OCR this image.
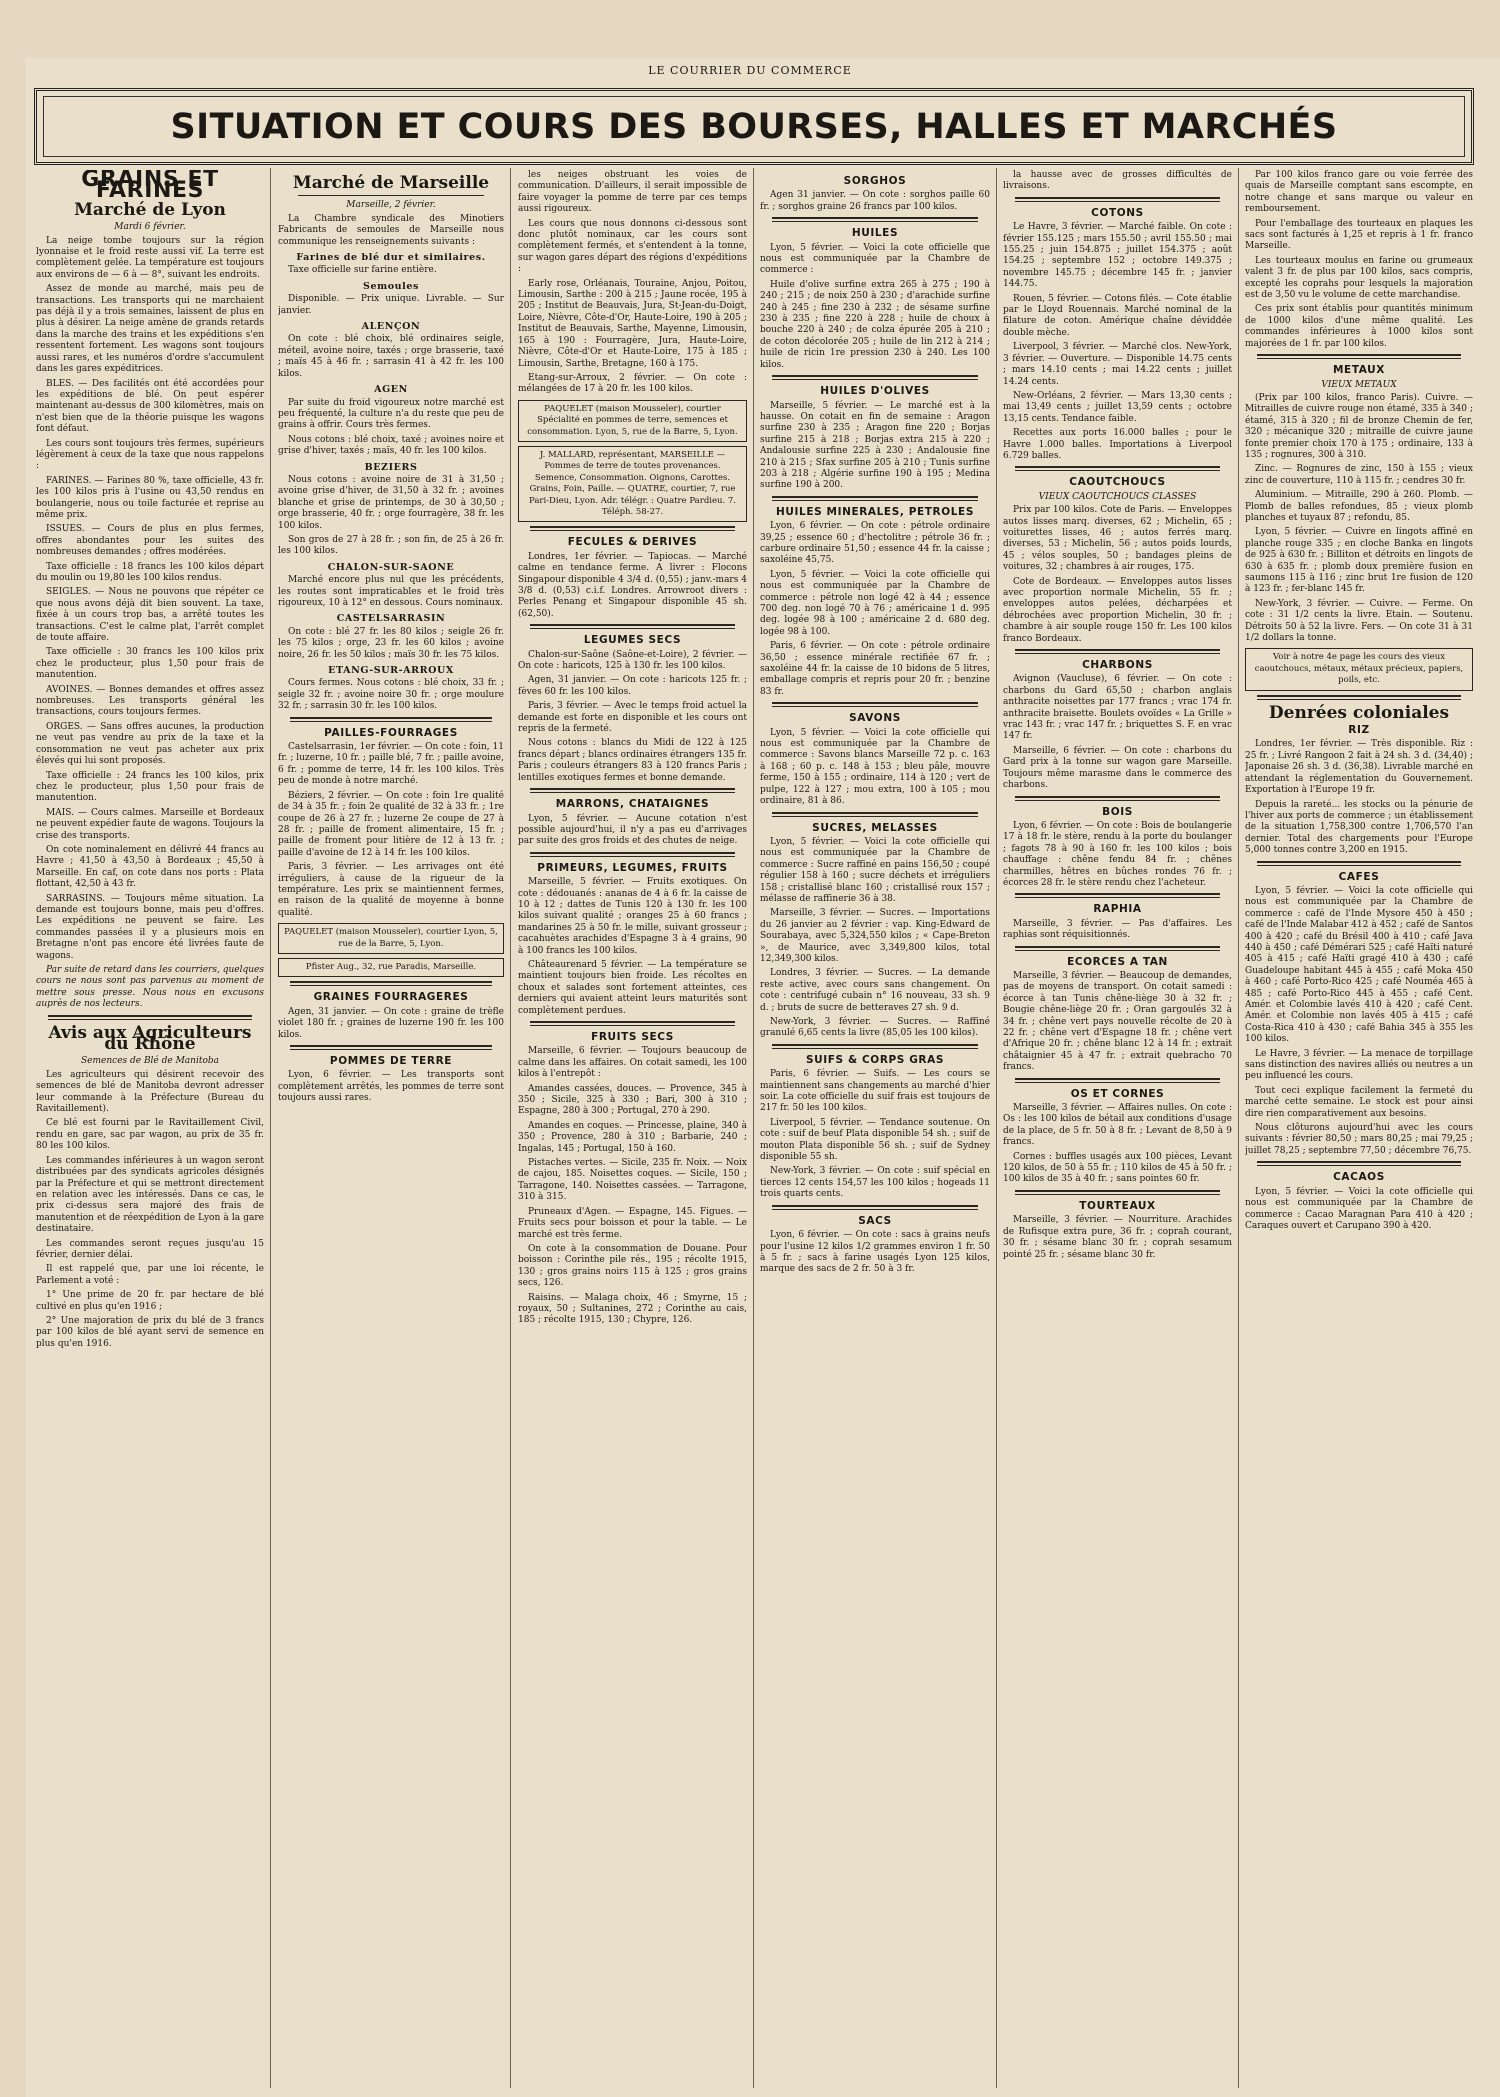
LE COURRIER DU COMMERCE
SITUATION ET COURS DES BOURSES, HALLES ET MARCHÉS
GRAINS ET FARINES
Marché de Lyon
Mardi 6 février.

La neige tombe toujours sur la région lyonnaise et le froid reste aussi vif. La terre est complètement gelée. La température est toujours aux environs de — 6 à — 8°, suivant les endroits.

Assez de monde au marché, mais peu de transactions. Les transports qui ne marchaient pas déjà il y a trois semaines, laissent de plus en plus à désirer. La neige amène de grands retards dans la marche des trains et les expéditions s'en ressentent fortement. Les wagons sont toujours aussi rares, et les numéros d'ordre s'accumulent dans les gares expéditrices.

BLES. — Des facilités ont été accordées pour les expéditions de blé. On peut espérer maintenant au-dessus de 300 kilomètres, mais on n'est bien que de la théorie puisque les wagons font défaut.

Les cours sont toujours très fermes, supérieurs légèrement à ceux de la taxe que nous rappelons :

FARINES. — Farines 80 %, taxe officielle, 43 fr. les 100 kilos pris à l'usine ou 43,50 rendus en boulangerie, nous ou toile facturée et reprise au même prix.

ISSUES. — Cours de plus en plus fermes, offres abondantes pour les suites des nombreuses demandes ; offres modérées.

Taxe officielle : 18 francs les 100 kilos départ du moulin ou 19,80 les 100 kilos rendus.

SEIGLES. — Nous ne pouvons que répéter ce que nous avons déjà dit bien souvent. La taxe, fixée à un cours trop bas, a arrêté toutes les transactions. C'est le calme plat, l'arrêt complet de toute affaire.

Taxe officielle : 30 francs les 100 kilos prix chez le producteur, plus 1,50 pour frais de manutention.

AVOINES. — Bonnes demandes et offres assez nombreuses. Les transports général les transactions, cours toujours fermes.

ORGES. — Sans offres aucunes, la production ne veut pas vendre au prix de la taxe et la consommation ne veut pas acheter aux prix élevés qui lui sont proposés.

Taxe officielle : 24 francs les 100 kilos, prix chez le producteur, plus 1,50 pour frais de manutention.

MAIS. — Cours calmes. Marseille et Bordeaux ne peuvent expédier faute de wagons. Toujours la crise des transports.

On cote nominalement en délivré 44 francs au Havre ; 41,50 à 43,50 à Bordeaux ; 45,50 à Marseille. En caf, on cote dans nos ports : Plata flottant, 42,50 à 43 fr.

SARRASINS. — Toujours même situation. La demande est toujours bonne, mais peu d'offres. Les expéditions ne peuvent se faire. Les commandes passées il y a plusieurs mois en Bretagne n'ont pas encore été livrées faute de wagons.

Par suite de retard dans les courriers, quelques cours ne nous sont pas parvenus au moment de mettre sous presse. Nous nous en excusons auprès de nos lecteurs.

Avis aux Agriculteurs du Rhône
Semences de Blé de Manitoba

Les agriculteurs qui désirent recevoir des semences de blé de Manitoba devront adresser leur commande à la Préfecture (Bureau du Ravitaillement).

Ce blé est fourni par le Ravitaillement Civil, rendu en gare, sac par wagon, au prix de 35 fr. 80 les 100 kilos.

Les commandes inférieures à un wagon seront distribuées par des syndicats agricoles désignés par la Préfecture et qui se mettront directement en relation avec les intéressés. Dans ce cas, le prix ci-dessus sera majoré des frais de manutention et de réexpédition de Lyon à la gare destinataire.

Les commandes seront reçues jusqu'au 15 février, dernier délai.

Il est rappelé que, par une loi récente, le Parlement a voté :

1° Une prime de 20 fr. par hectare de blé cultivé en plus qu'en 1916 ;

2° Une majoration de prix du blé de 3 francs par 100 kilos de blé ayant servi de semence en plus qu'en 1916.

Marché de Marseille
Marseille, 2 février.

La Chambre syndicale des Minotiers Fabricants de semoules de Marseille nous communique les renseignements suivants :

Farines de blé dur et similaires.

Taxe officielle sur farine entière.

Semoules

Disponible. — Prix unique. Livrable. — Sur janvier.

ALENÇON

On cote : blé choix, blé ordinaires seigle, méteil, avoine noire, taxés ; orge brasserie, taxé ; maïs 45 à 46 fr. ; sarrasin 41 à 42 fr. les 100 kilos.

AGEN

Par suite du froid vigoureux notre marché est peu fréquenté, la culture n'a du reste que peu de grains à offrir. Cours très fermes.

Nous cotons : blé choix, taxé ; avoines noire et grise d'hiver, taxés ; maïs, 40 fr. les 100 kilos.

BEZIERS

Nous cotons : avoine noire de 31 à 31,50 ; avoine grise d'hiver, de 31,50 à 32 fr. ; avoines blanche et grise de printemps, de 30 à 30,50 ; orge brasserie, 40 fr. ; orge fourragère, 38 fr. les 100 kilos.

Son gros de 27 à 28 fr. ; son fin, de 25 à 26 fr. les 100 kilos.

CHALON-SUR-SAONE

Marché encore plus nul que les précédents, les routes sont impraticables et le froid très rigoureux, 10 à 12° en dessous. Cours nominaux.

CASTELSARRASIN

On cote : blé 27 fr. les 80 kilos ; seigle 26 fr. les 75 kilos ; orge, 23 fr. les 60 kilos ; avoine noire, 26 fr. les 50 kilos ; maïs 30 fr. les 75 kilos.

ETANG-SUR-ARROUX

Cours fermes. Nous cotons : blé choix, 33 fr. ; seigle 32 fr. ; avoine noire 30 fr. ; orge moulure 32 fr. ; sarrasin 30 fr. les 100 kilos.

PAILLES-FOURRAGES

Castelsarrasin, 1er février. — On cote : foin, 11 fr. ; luzerne, 10 fr. ; paille blé, 7 fr. ; paille avoine, 6 fr. ; pomme de terre, 14 fr. les 100 kilos. Très peu de monde à notre marché.

Béziers, 2 février. — On cote : foin 1re qualité de 34 à 35 fr. ; foin 2e qualité de 32 à 33 fr. ; 1re coupe de 26 à 27 fr. ; luzerne 2e coupe de 27 à 28 fr. ; paille de froment alimentaire, 15 fr. ; paille de froment pour litière de 12 à 13 fr. ; paille d'avoine de 12 à 14 fr. les 100 kilos.

Paris, 3 février. — Les arrivages ont été irréguliers, à cause de la rigueur de la température. Les prix se maintiennent fermes, en raison de la qualité de moyenne à bonne qualité.

PAQUELET (maison Mousseler), courtier Lyon, 5, rue de la Barre, 5, Lyon.
Pfister Aug., 32, rue Paradis, Marseille.
GRAINES FOURRAGERES

Agen, 31 janvier. — On cote : graine de trèfle violet 180 fr. ; graines de luzerne 190 fr. les 100 kilos.

POMMES DE TERRE

Lyon, 6 février. — Les transports sont complètement arrêtés, les pommes de terre sont toujours aussi rares.

les neiges obstruant les voies de communication. D'ailleurs, il serait impossible de faire voyager la pomme de terre par ces temps aussi rigoureux.

Les cours que nous donnons ci-dessous sont donc plutôt nominaux, car les cours sont complètement fermés, et s'entendent à la tonne, sur wagon gares départ des régions d'expéditions :

Early rose, Orléanais, Touraine, Anjou, Poitou, Limousin, Sarthe : 200 à 215 ; Jaune rocée, 195 à 205 ; Institut de Beauvais, Jura, St-Jean-du-Doigt, Loire, Nièvre, Côte-d'Or, Haute-Loire, 190 à 205 ; Institut de Beauvais, Sarthe, Mayenne, Limousin, 165 à 190 : Fourragère, Jura, Haute-Loire, Nièvre, Côte-d'Or et Haute-Loire, 175 à 185 ; Limousin, Sarthe, Bretagne, 160 à 175.

Etang-sur-Arroux, 2 février. — On cote : mélangées de 17 à 20 fr. les 100 kilos.

PAQUELET (maison Mousseler), courtier Spécialité en pommes de terre, semences et consommation. Lyon, 5, rue de la Barre, 5, Lyon.
J. MALLARD, représentant, MARSEILLE — Pommes de terre de toutes provenances. Semence, Consommation. Oignons, Carottes. Grains, Foin, Paille. — QUATRE, courtier, 7, rue Pari-Dieu, Lyon. Adr. télégr. : Quatre Pardieu. 7. Téléph. 58-27.
FECULES & DERIVES

Londres, 1er février. — Tapiocas. — Marché calme en tendance ferme. A livrer : Flocons Singapour disponible 4 3/4 d. (0,55) ; janv.-mars 4 3/8 d. (0,53) c.i.f. Londres. Arrowroot divers : Perles Penang et Singapour disponible 45 sh. (62,50).

LEGUMES SECS

Chalon-sur-Saône (Saône-et-Loire), 2 février. — On cote : haricots, 125 à 130 fr. les 100 kilos.

Agen, 31 janvier. — On cote : haricots 125 fr. ; fèves 60 fr. les 100 kilos.

Paris, 3 février. — Avec le temps froid actuel la demande est forte en disponible et les cours ont repris de la fermeté.

Nous cotons : blancs du Midi de 122 à 125 francs départ ; blancs ordinaires étrangers 135 fr. Paris ; couleurs étrangers 83 à 120 francs Paris ; lentilles exotiques fermes et bonne demande.

MARRONS, CHATAIGNES

Lyon, 5 février. — Aucune cotation n'est possible aujourd'hui, il n'y a pas eu d'arrivages par suite des gros froids et des chutes de neige.

PRIMEURS, LEGUMES, FRUITS

Marseille, 5 février. — Fruits exotiques. On cote : dédouanés : ananas de 4 à 6 fr. la caisse de 10 à 12 ; dattes de Tunis 120 à 130 fr. les 100 kilos suivant qualité ; oranges 25 à 60 francs ; mandarines 25 à 50 fr. le mille, suivant grosseur ; cacahuètes arachides d'Espagne 3 à 4 grains, 90 à 100 francs les 100 kilos.

Châteaurenard 5 février. — La température se maintient toujours bien froide. Les récoltes en choux et salades sont fortement atteintes, ces derniers qui avaient atteint leurs maturités sont complètement perdues.

FRUITS SECS

Marseille, 6 février. — Toujours beaucoup de calme dans les affaires. On cotait samedi, les 100 kilos à l'entrepôt :

Amandes cassées, douces. — Provence, 345 à 350 ; Sicile, 325 à 330 ; Bari, 300 à 310 ; Espagne, 280 à 300 ; Portugal, 270 à 290.

Amandes en coques. — Princesse, plaine, 340 à 350 ; Provence, 280 à 310 ; Barbarie, 240 ; Ingalas, 145 ; Portugal, 150 à 160.

Pistaches vertes. — Sicile, 235 fr. Noix. — Noix de cajou, 185. Noisettes coques. — Sicile, 150 ; Tarragone, 140. Noisettes cassées. — Tarragone, 310 à 315.

Pruneaux d'Agen. — Espagne, 145. Figues. — Fruits secs pour boisson et pour la table. — Le marché est très ferme.

On cote à la consommation de Douane. Pour boisson : Corinthe pile rés., 195 ; récolte 1915, 130 ; gros grains noirs 115 à 125 ; gros grains secs, 126.

Raisins. — Malaga choix, 46 ; Smyrne, 15 ; royaux, 50 ; Sultanines, 272 ; Corinthe au cais, 185 ; récolte 1915, 130 ; Chypre, 126.

SORGHOS

Agen 31 janvier. — On cote : sorghos paille 60 fr. ; sorghos graine 26 francs par 100 kilos.

HUILES

Lyon, 5 février. — Voici la cote officielle que nous est communiquée par la Chambre de commerce :

Huile d'olive surfine extra 265 à 275 ; 190 à 240 ; 215 ; de noix 250 à 230 ; d'arachide surfine 240 à 245 ; fine 230 à 232 ; de sésame surfine 230 à 235 ; fine 220 à 228 ; huile de choux à bouche 220 à 240 ; de colza épurée 205 à 210 ; de coton décolorée 205 ; huile de lin 212 à 214 ; huile de ricin 1re pression 230 à 240. Les 100 kilos.

HUILES D'OLIVES

Marseille, 5 février. — Le marché est à la hausse. On cotait en fin de semaine : Aragon surfine 230 à 235 ; Aragon fine 220 ; Borjas surfine 215 à 218 ; Borjas extra 215 à 220 ; Andalousie surfine 225 à 230 ; Andalousie fine 210 à 215 ; Sfax surfine 205 à 210 ; Tunis surfine 203 à 218 ; Algérie surfine 190 à 195 ; Medina surfine 190 à 200.

HUILES MINERALES, PETROLES

Lyon, 6 février. — On cote : pétrole ordinaire 39,25 ; essence 60 ; d'hectolitre ; pétrole 36 fr. ; carbure ordinaire 51,50 ; essence 44 fr. la caisse ; saxoléine 45,75.

Lyon, 5 février. — Voici la cote officielle qui nous est communiquée par la Chambre de commerce : pétrole non logé 42 à 44 ; essence 700 deg. non logé 70 à 76 ; américaine 1 d. 995 deg. logée 98 à 100 ; américaine 2 d. 680 deg. logée 98 à 100.

Paris, 6 février. — On cote : pétrole ordinaire 36,50 ; essence minérale rectifiée 67 fr. ; saxoléine 44 fr. la caisse de 10 bidons de 5 litres, emballage compris et repris pour 20 fr. ; benzine 83 fr.

SAVONS

Lyon, 5 février. — Voici la cote officielle qui nous est communiquée par la Chambre de commerce : Savons blancs Marseille 72 p. c. 163 à 168 ; 60 p. c. 148 à 153 ; bleu pâle, mouvre ferme, 150 à 155 ; ordinaire, 114 à 120 ; vert de pulpe, 122 à 127 ; mou extra, 100 à 105 ; mou ordinaire, 81 à 86.

SUCRES, MELASSES

Lyon, 5 février. — Voici la cote officielle qui nous est communiquée par la Chambre de commerce : Sucre raffiné en pains 156,50 ; coupé régulier 158 à 160 ; sucre déchets et irréguliers 158 ; cristallisé blanc 160 ; cristallisé roux 157 ; mélasse de raffinerie 36 à 38.

Marseille, 3 février. — Sucres. — Importations du 26 janvier au 2 février : vap. King-Edward de Sourabaya, avec 5,324,550 kilos ; « Cape-Breton », de Maurice, avec 3,349,800 kilos, total 12,349,300 kilos.

Londres, 3 février. — Sucres. — La demande reste active, avec cours sans changement. On cote : centrifugé cubain n° 16 nouveau, 33 sh. 9 d. ; bruts de sucre de betteraves 27 sh. 9 d.

New-York, 3 février. — Sucres. — Raffiné granulé 6,65 cents la livre (85,05 les 100 kilos).

SUIFS & CORPS GRAS

Paris, 6 février. — Suifs. — Les cours se maintiennent sans changements au marché d'hier soir. La cote officielle du suif frais est toujours de 217 fr. 50 les 100 kilos.

Liverpool, 5 février. — Tendance soutenue. On cote : suif de beuf Plata disponible 54 sh. ; suif de mouton Plata disponible 56 sh. ; suif de Sydney disponible 55 sh.

New-York, 3 février. — On cote : suif spécial en tierces 12 cents 154,57 les 100 kilos ; hogeads 11 trois quarts cents.

SACS

Lyon, 6 février. — On cote : sacs à grains neufs pour l'usine 12 kilos 1/2 grammes environ 1 fr. 50 à 5 fr. ; sacs à farine usagés Lyon 125 kilos, marque des sacs de 2 fr. 50 à 3 fr.

la hausse avec de grosses difficultés de livraisons.

COTONS

Le Havre, 3 février. — Marché faible. On cote : février 155.125 ; mars 155.50 ; avril 155.50 ; mai 155.25 ; juin 154.875 ; juillet 154.375 ; août 154.25 ; septembre 152 ; octobre 149.375 ; novembre 145.75 ; décembre 145 fr. ; janvier 144.75.

Rouen, 5 février. — Cotons filés. — Cote établie par le Lloyd Rouennais. Marché nominal de la filature de coton. Amérique chaîne déviddée double mèche.

Liverpool, 3 février. — Marché clos. New-York, 3 février. — Ouverture. — Disponible 14.75 cents ; mars 14.10 cents ; mai 14.22 cents ; juillet 14.24 cents.

New-Orléans, 2 février. — Mars 13,30 cents ; mai 13,49 cents ; juillet 13,59 cents ; octobre 13,15 cents. Tendance faible.

Recettes aux ports 16.000 balles ; pour le Havre 1.000 balles. Importations à Liverpool 6.729 balles.

CAOUTCHOUCS
VIEUX CAOUTCHOUCS CLASSES

Prix par 100 kilos. Cote de Paris. — Enveloppes autos lisses marq. diverses, 62 ; Michelin, 65 ; voiturettes lisses, 46 ; autos ferrés marq. diverses, 53 ; Michelin, 56 ; autos poids lourds, 45 ; vélos souples, 50 ; bandages pleins de voitures, 32 ; chambres à air rouges, 175.

Cote de Bordeaux. — Enveloppes autos lisses avec proportion normale Michelin, 55 fr. ; enveloppes autos pelées, décharpées et débrochées avec proportion Michelin, 30 fr. ; chambre à air souple rouge 150 fr. Les 100 kilos franco Bordeaux.

CHARBONS

Avignon (Vaucluse), 6 février. — On cote : charbons du Gard 65,50 ; charbon anglais anthracite noisettes par 177 francs ; vrac 174 fr. anthracite braisette. Boulets ovoïdes « La Grille » vrac 143 fr. ; vrac 147 fr. ; briquettes S. F. en vrac 147 fr.

Marseille, 6 février. — On cote : charbons du Gard prix à la tonne sur wagon gare Marseille. Toujours même marasme dans le commerce des charbons.

BOIS

Lyon, 6 février. — On cote : Bois de boulangerie 17 à 18 fr. le stère, rendu à la porte du boulanger ; fagots 78 à 90 à 160 fr. les 100 kilos ; bois chauffage : chêne fendu 84 fr. ; chênes charmilles, hêtres en bûches rondes 76 fr. ; écorces 28 fr. le stère rendu chez l'acheteur.

RAPHIA

Marseille, 3 février. — Pas d'affaires. Les raphias sont réquisitionnés.

ECORCES A TAN

Marseille, 3 février. — Beaucoup de demandes, pas de moyens de transport. On cotait samedi : écorce à tan Tunis chêne-liège 30 à 32 fr. ; Bougie chêne-liège 20 fr. ; Oran gargoulés 32 à 34 fr. ; chêne vert pays nouvelle récolte de 20 à 22 fr. ; chêne vert d'Espagne 18 fr. ; chêne vert d'Afrique 20 fr. ; chêne blanc 12 à 14 fr. ; extrait châtaignier 45 à 47 fr. ; extrait quebracho 70 francs.

OS ET CORNES

Marseille, 3 février. — Affaires nulles. On cote : Os : les 100 kilos de bétail aux conditions d'usage de la place, de 5 fr. 50 à 8 fr. ; Levant de 8,50 à 9 francs.

Cornes : buffles usagés aux 100 pièces, Levant 120 kilos, de 50 à 55 fr. ; 110 kilos de 45 à 50 fr. ; 100 kilos de 35 à 40 fr. ; sans pointes 60 fr.

TOURTEAUX

Marseille, 3 février. — Nourriture. Arachides de Rufisque extra pure, 36 fr. ; coprah courant, 30 fr. ; sésame blanc 30 fr. ; coprah sesamum pointé 25 fr. ; sésame blanc 30 fr.

Par 100 kilos franco gare ou voie ferrée des quais de Marseille comptant sans escompte, en notre change et sans marque ou valeur en remboursement.

Pour l'emballage des tourteaux en plaques les sacs sont facturés à 1,25 et repris à 1 fr. franco Marseille.

Les tourteaux moulus en farine ou grumeaux valent 3 fr. de plus par 100 kilos, sacs compris, excepté les coprahs pour lesquels la majoration est de 3,50 vu le volume de cette marchandise.

Ces prix sont établis pour quantités minimum de 1000 kilos d'une même qualité. Les commandes inférieures à 1000 kilos sont majorées de 1 fr. par 100 kilos.

METAUX
VIEUX METAUX

(Prix par 100 kilos, franco Paris). Cuivre. — Mitrailles de cuivre rouge non étamé, 335 à 340 ; étamé, 315 à 320 ; fil de bronze Chemin de fer, 320 ; mécanique 320 ; mitraille de cuivre jaune fonte premier choix 170 à 175 ; ordinaire, 133 à 135 ; rognures, 300 à 310.

Zinc. — Rognures de zinc, 150 à 155 ; vieux zinc de couverture, 110 à 115 fr. ; cendres 30 fr.

Aluminium. — Mitraille, 290 à 260. Plomb. — Plomb de balles refondues, 85 ; vieux plomb planches et tuyaux 87 ; refondu, 85.

Lyon, 5 février. — Cuivre en lingots affiné en planche rouge 335 ; en cloche Banka en lingots de 925 à 630 fr. ; Billiton et détroits en lingots de 630 à 635 fr. ; plomb doux première fusion en saumons 115 à 116 ; zinc brut 1re fusion de 120 à 123 fr. ; fer-blanc 145 fr.

New-York, 3 février. — Cuivre. — Ferme. On cote : 31 1/2 cents la livre. Etain. — Soutenu. Détroits 50 à 52 la livre. Fers. — On cote 31 à 31 1/2 dollars la tonne.

Voir à notre 4e page les cours des vieux caoutchoucs, métaux, métaux précieux, papiers, poils, etc.
Denrées coloniales
RIZ

Londres, 1er février. — Très disponible. Riz : 25 fr. ; Livré Rangoon 2 fait à 24 sh. 3 d. (34,40) ; Japonaise 26 sh. 3 d. (36,38). Livrable marché en attendant la réglementation du Gouvernement. Exportation à l'Europe 19 fr.

Depuis la rareté... les stocks ou la pénurie de l'hiver aux ports de commerce ; un établissement de la situation 1,758,300 contre 1,706,570 l'an dernier. Total des chargements pour l'Europe 5,000 tonnes contre 3,200 en 1915.

CAFES

Lyon, 5 février. — Voici la cote officielle qui nous est communiquée par la Chambre de commerce : café de l'Inde Mysore 450 à 450 ; café de l'Inde Malabar 412 à 452 ; café de Santos 400 à 420 ; café du Brésil 400 à 410 ; café Java 440 à 450 ; café Démérari 525 ; café Haïti naturé 405 à 415 ; café Haïti gragé 410 à 430 ; café Guadeloupe habitant 445 à 455 ; café Moka 450 à 460 ; café Porto-Rico 425 ; café Nouméa 465 à 485 ; café Porto-Rico 445 à 455 ; café Cent. Amér. et Colombie lavés 410 à 420 ; café Cent. Amér. et Colombie non lavés 405 à 415 ; café Costa-Rica 410 à 430 ; café Bahia 345 à 355 les 100 kilos.

Le Havre, 3 février. — La menace de torpillage sans distinction des navires alliés ou neutres a un peu influencé les cours.

Tout ceci explique facilement la fermeté du marché cette semaine. Le stock est pour ainsi dire rien comparativement aux besoins.

Nous clôturons aujourd'hui avec les cours suivants : février 80,50 ; mars 80,25 ; mai 79,25 ; juillet 78,25 ; septembre 77,50 ; décembre 76,75.

CACAOS

Lyon, 5 février. — Voici la cote officielle qui nous est communiquée par la Chambre de commerce : Cacao Maragnan Para 410 à 420 ; Caraques ouvert et Carupano 390 à 420.
